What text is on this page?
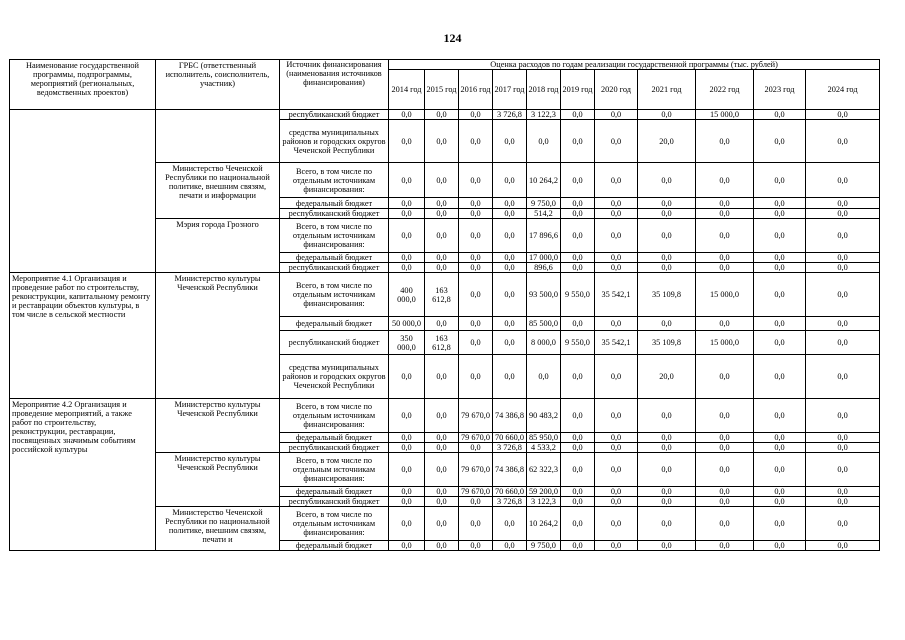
124
Наименование государственной программы, подпрограммы, мероприятий (региональных, ведомственных проектов)	ГРБС (ответственный исполнитель, соисполнитель, участник)	Источник финансирования (наименования источников финансирования)	Оценка расходов по годам реализации государственной программы (тыс. рублей)										
			2014 год	2015 год	2016 год	2017 год	2018 год	2019 год	2020 год	2021 год	2022 год	2023 год	2024 год
		республиканский бюджет	0,0	0,0	0,0	3 726,8	3 122,3	0,0	0,0	0,0	15 000,0	0,0	0,0
		средства муниципальных районов и городских округов Чеченской Республики	0,0	0,0	0,0	0,0	0,0	0,0	0,0	20,0	0,0	0,0	0,0
	Министерство Чеченской Республики по национальной политике, внешним связям, печати и информации	Всего, в том числе по отдельным источникам финансирования:	0,0	0,0	0,0	0,0	10 264,2	0,0	0,0	0,0	0,0	0,0	0,0
		федеральный бюджет	0,0	0,0	0,0	0,0	9 750,0	0,0	0,0	0,0	0,0	0,0	0,0
		республиканский бюджет	0,0	0,0	0,0	0,0	514,2	0,0	0,0	0,0	0,0	0,0	0,0
	Мэрия города Грозного	Всего, в том числе по отдельным источникам финансирования:	0,0	0,0	0,0	0,0	17 896,6	0,0	0,0	0,0	0,0	0,0	0,0
		федеральный бюджет	0,0	0,0	0,0	0,0	17 000,0	0,0	0,0	0,0	0,0	0,0	0,0
		республиканский бюджет	0,0	0,0	0,0	0,0	896,6	0,0	0,0	0,0	0,0	0,0	0,0
Мероприятие 4.1 Организация и проведение работ по строительству, реконструкции, капитальному ремонту и реставрации объектов культуры, в том числе в сельской местности	Министерство культуры Чеченской Республики	Всего, в том числе по отдельным источникам финансирования:	400 000,0	163 612,8	0,0	0,0	93 500,0	9 550,0	35 542,1	35 109,8	15 000,0	0,0	0,0
		федеральный бюджет	50 000,0	0,0	0,0	0,0	85 500,0	0,0	0,0	0,0	0,0	0,0	0,0
		республиканский бюджет	350 000,0	163 612,8	0,0	0,0	8 000,0	9 550,0	35 542,1	35 109,8	15 000,0	0,0	0,0
		средства муниципальных районов и городских округов Чеченской Республики	0,0	0,0	0,0	0,0	0,0	0,0	0,0	20,0	0,0	0,0	0,0
Мероприятие 4.2 Организация и проведение мероприятий, а также работ по строительству, реконструкции, реставрации, посвященных значимым событиям российской культуры	Министерство культуры Чеченской Республики	Всего, в том числе по отдельным источникам финансирования:	0,0	0,0	79 670,0	74 386,8	90 483,2	0,0	0,0	0,0	0,0	0,0	0,0
		федеральный бюджет	0,0	0,0	79 670,0	70 660,0	85 950,0	0,0	0,0	0,0	0,0	0,0	0,0
		республиканский бюджет	0,0	0,0	0,0	3 726,8	4 533,2	0,0	0,0	0,0	0,0	0,0	0,0
	Министерство культуры Чеченской Республики	Всего, в том числе по отдельным источникам финансирования:	0,0	0,0	79 670,0	74 386,8	62 322,3	0,0	0,0	0,0	0,0	0,0	0,0
		федеральный бюджет	0,0	0,0	79 670,0	70 660,0	59 200,0	0,0	0,0	0,0	0,0	0,0	0,0
		республиканский бюджет	0,0	0,0	0,0	3 726,8	3 122,3	0,0	0,0	0,0	0,0	0,0	0,0
	Министерство Чеченской Республики по национальной политике, внешним связям, печати и	Всего, в том числе по отдельным источникам финансирования:	0,0	0,0	0,0	0,0	10 264,2	0,0	0,0	0,0	0,0	0,0	0,0
		федеральный бюджет	0,0	0,0	0,0	0,0	9 750,0	0,0	0,0	0,0	0,0	0,0	0,0
